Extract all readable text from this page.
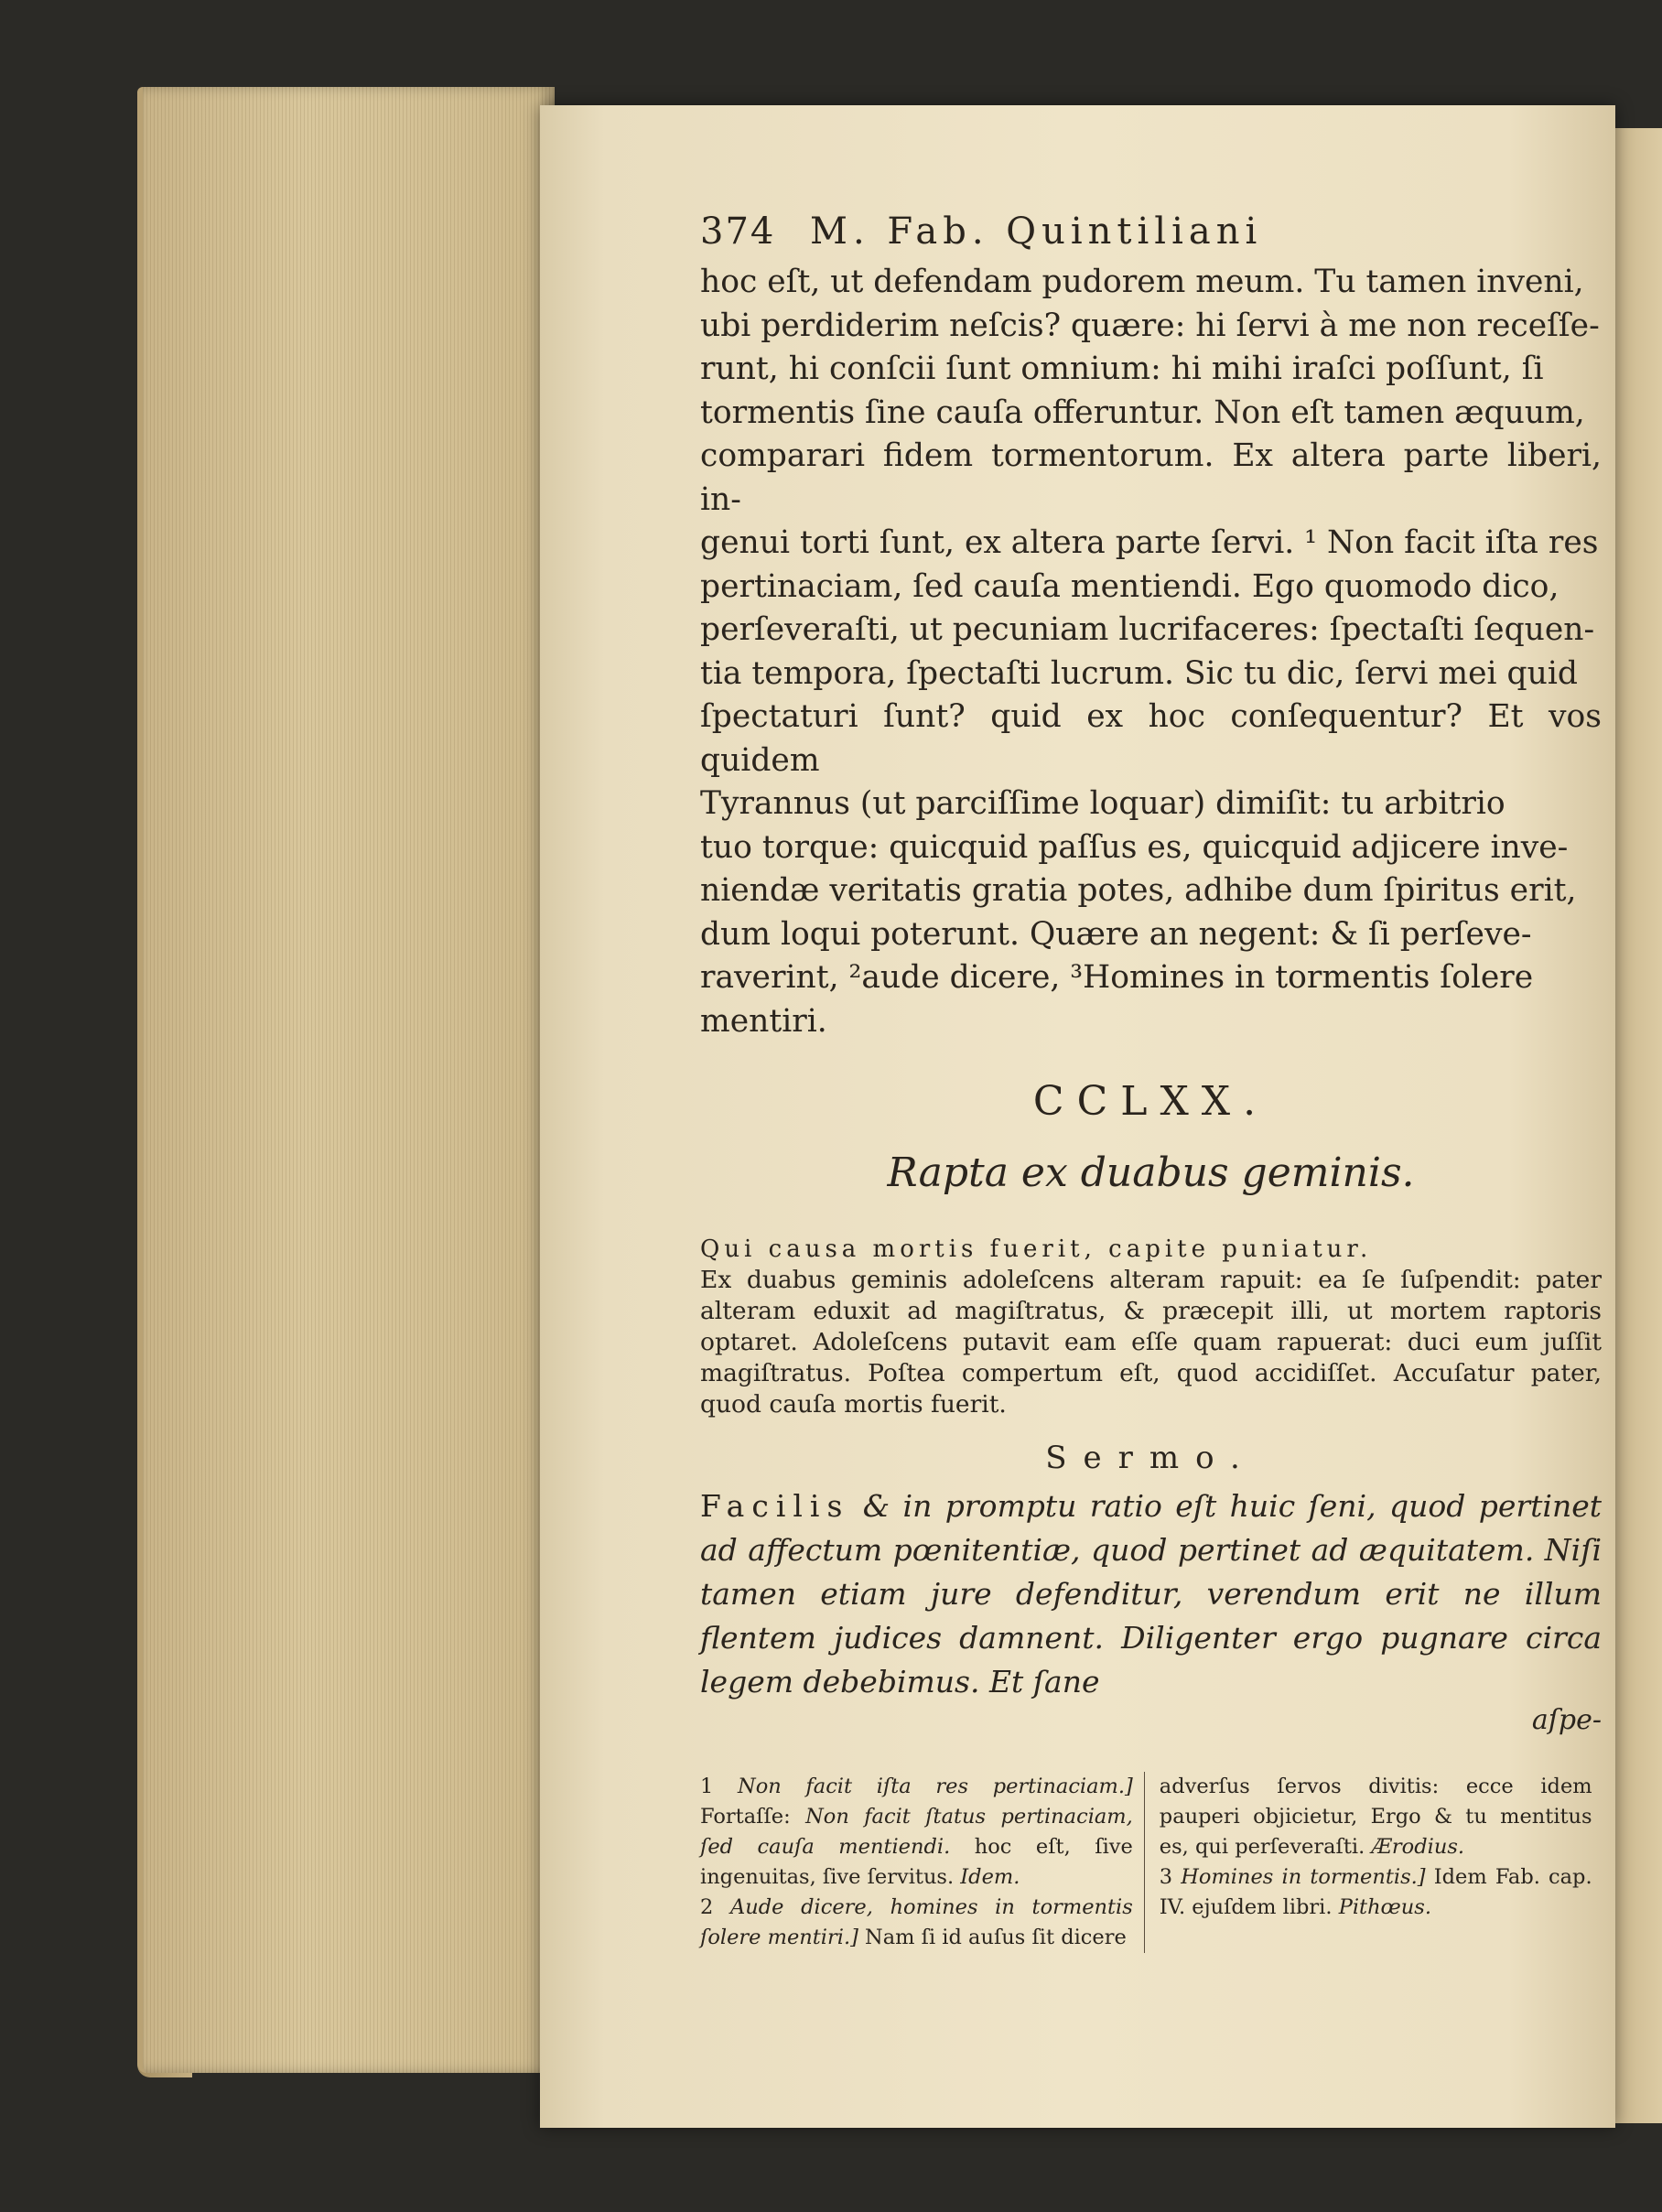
374 M. Fab. Quintiliani

hoc eſt, ut defendam pudorem meum. Tu tamen inveni,

ubi perdiderim neſcis? quære: hi ſervi à me non receſſe-

runt, hi conſcii ſunt omnium: hi mihi iraſci poſſunt, ſi

tormentis ſine cauſa offeruntur. Non eſt tamen æquum,

comparari fidem tormentorum. Ex altera parte liberi, in-

genui torti ſunt, ex altera parte ſervi. ¹ Non facit iſta res

pertinaciam, ſed cauſa mentiendi. Ego quomodo dico,

perſeveraſti, ut pecuniam lucrifaceres: ſpectaſti ſequen-

tia tempora, ſpectaſti lucrum. Sic tu dic, ſervi mei quid

ſpectaturi ſunt? quid ex hoc conſequentur? Et vos quidem

Tyrannus (ut parciſſime loquar) dimiſit: tu arbitrio

tuo torque: quicquid paſſus es, quicquid adjicere inve-

niendæ veritatis gratia potes, adhibe dum ſpiritus erit,

dum loqui poterunt. Quære an negent: & ſi perſeve-

raverint, ²aude dicere, ³Homines in tormentis ſolere

mentiri.

CCLXX.
Rapta ex duabus geminis.
Qui causa mortis fuerit, capite puniatur.
Ex duabus geminis adoleſcens alteram rapuit: ea ſe ſuſpendit: pater alteram eduxit ad magiſtratus, & præcepit illi, ut mortem raptoris optaret. Adoleſcens putavit eam eſſe quam rapuerat: duci eum juſſit magiſtratus. Poſtea compertum eſt, quod accidiſſet. Accuſatur pater, quod cauſa mortis fuerit.
Sermo.
Facilis & in promptu ratio eſt huic ſeni, quod pertinet ad affectum pœnitentiæ, quod pertinet ad æquitatem. Niſi tamen etiam jure defenditur, verendum erit ne illum flentem judices damnent. Diligenter ergo pugnare circa legem debebimus. Et ſane
aſpe-

1 Non facit iſta res pertinaciam.] Fortaſſe: Non facit ſtatus pertinaciam, ſed cauſa mentiendi. hoc eſt, ſive ingenuitas, ſive ſervitus. Idem.

2 Aude dicere, homines in tormentis ſolere mentiri.] Nam ſi id auſus ſit dicere

adverſus ſervos divitis: ecce idem pauperi objicietur, Ergo & tu mentitus es, qui perſeveraſti. Ærodius.

3 Homines in tormentis.] Idem Fab. cap. IV. ejuſdem libri. Pithœus.
